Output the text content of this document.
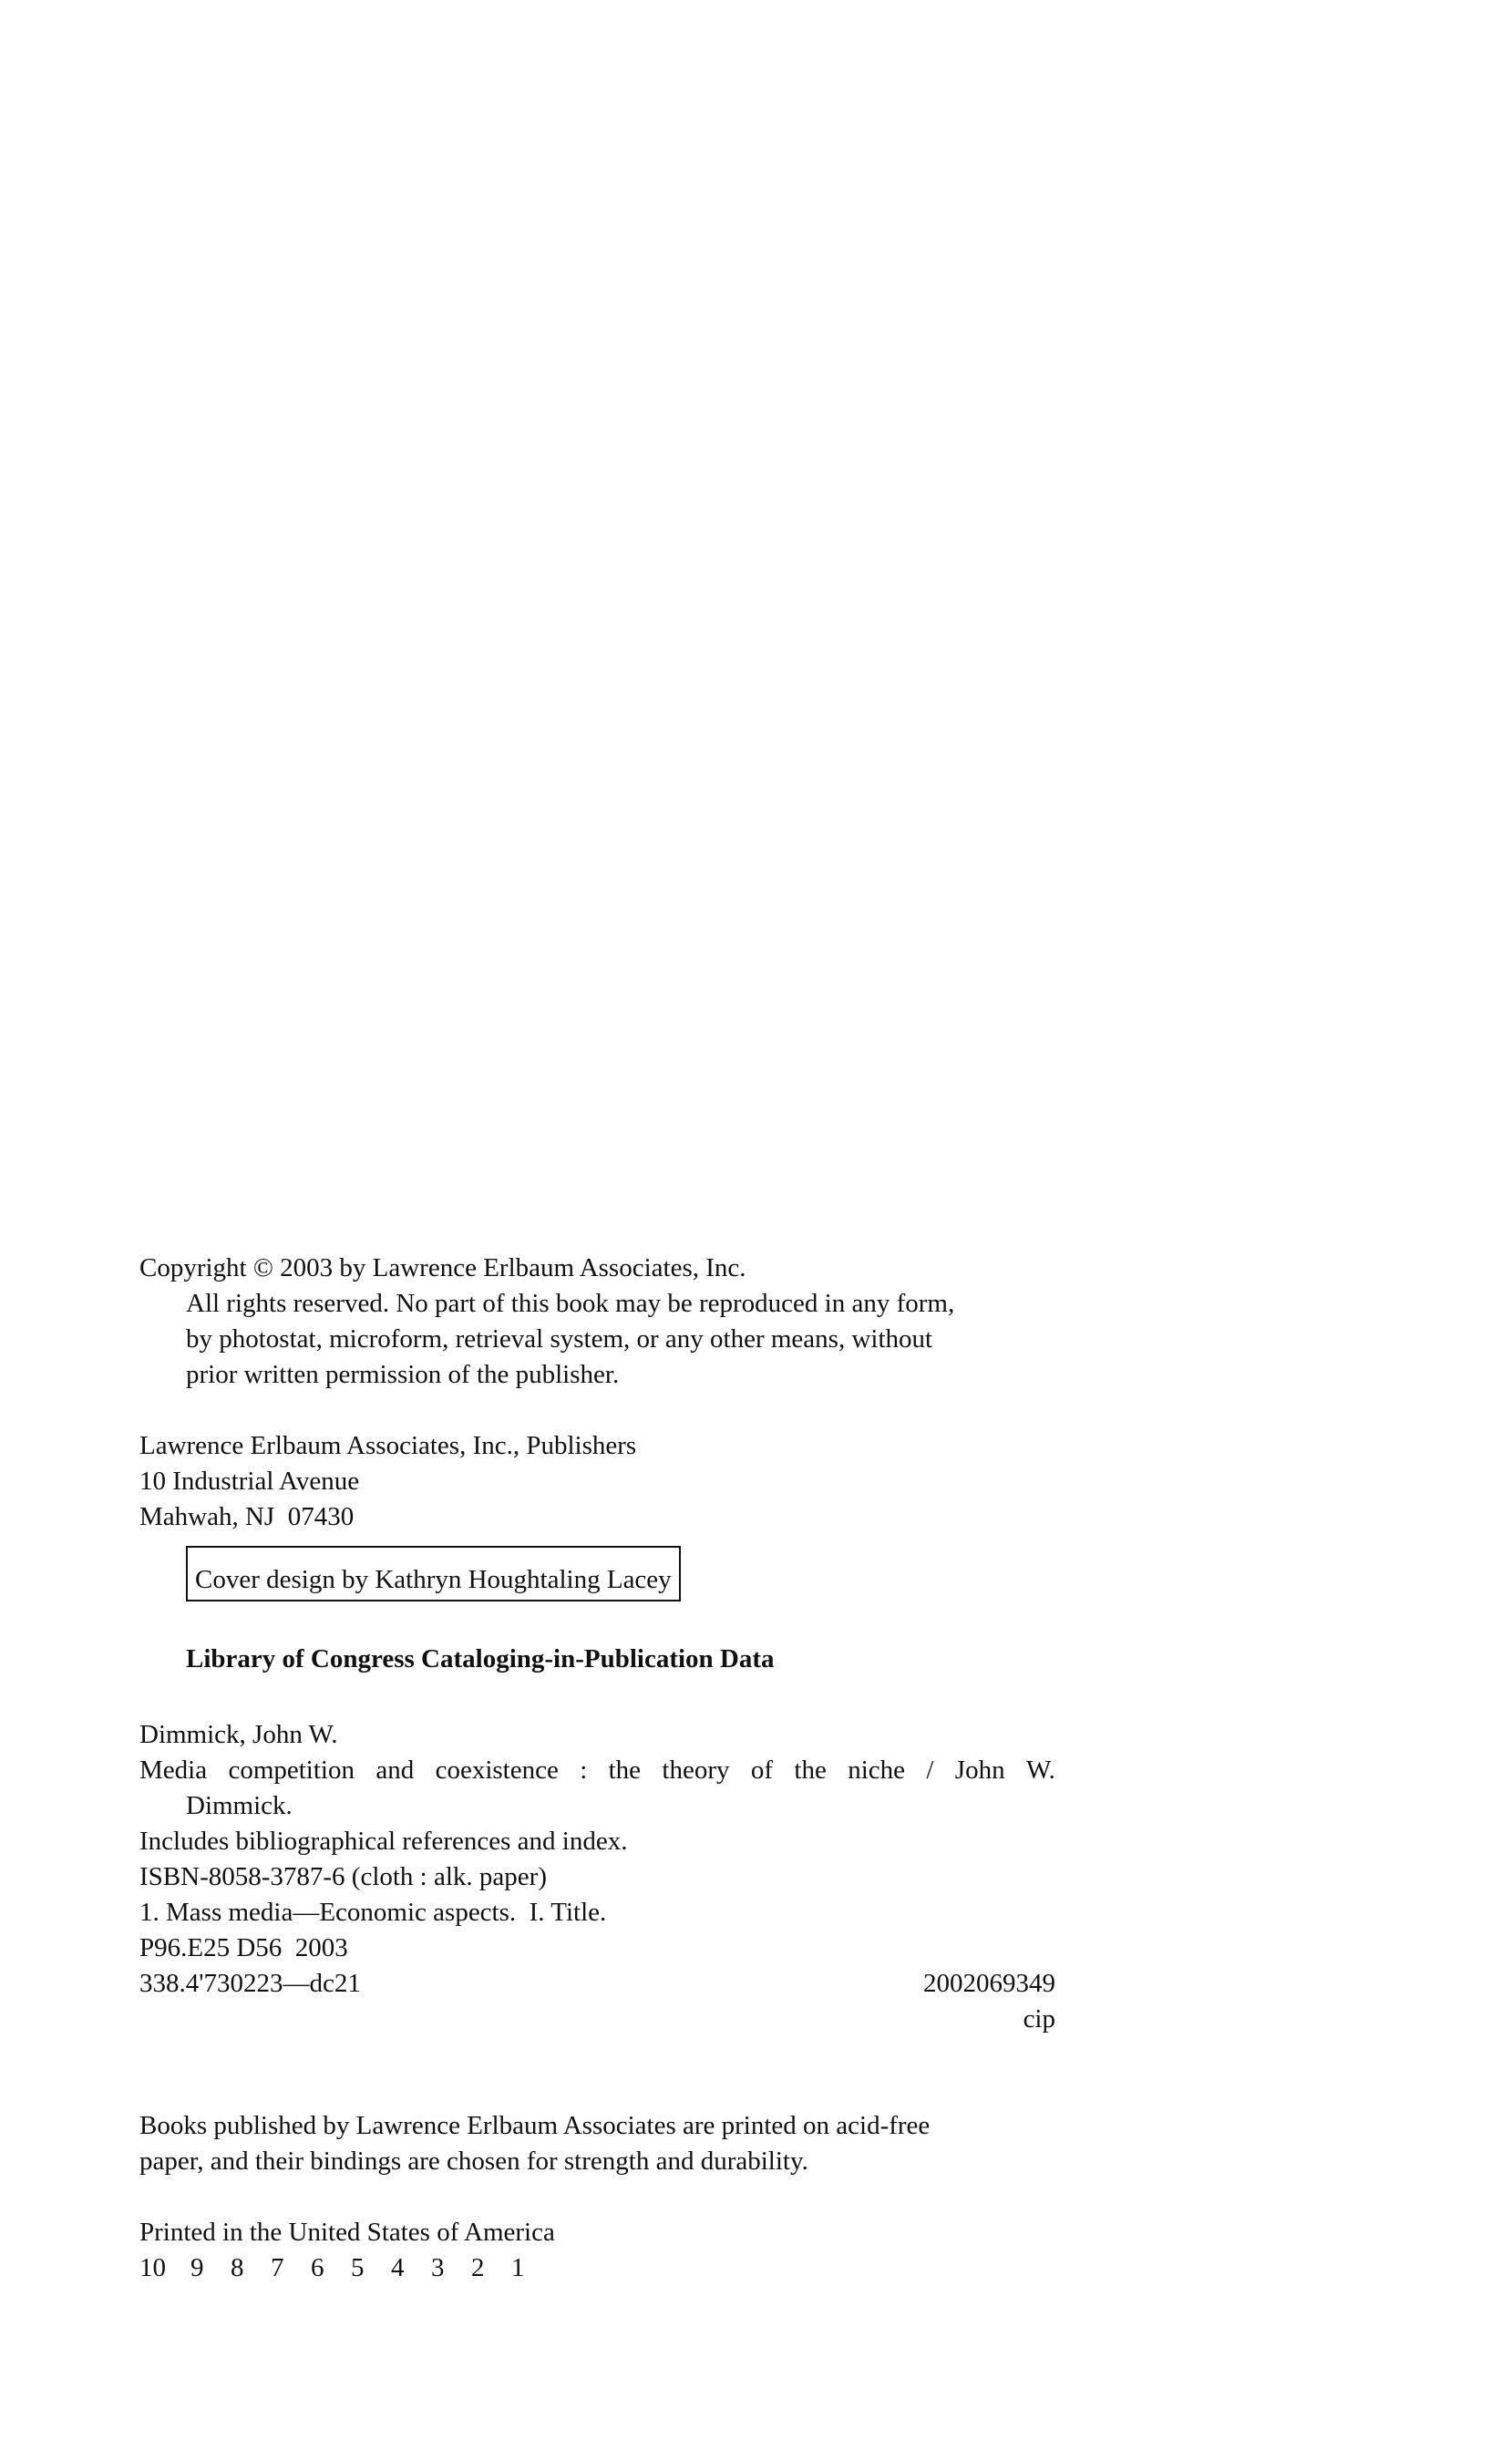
Copyright © 2003 by Lawrence Erlbaum Associates, Inc.
All rights reserved. No part of this book may be reproduced in any form,
by photostat, microform, retrieval system, or any other means, without
prior written permission of the publisher.
Lawrence Erlbaum Associates, Inc., Publishers
10 Industrial Avenue
Mahwah, NJ  07430
Cover design by Kathryn Houghtaling Lacey
Library of Congress Cataloging-in-Publication Data
Dimmick, John W.
Media competition and coexistence : the theory of the niche / John W.
Dimmick.
Includes bibliographical references and index.
ISBN-8058-3787-6 (cloth : alk. paper)
1. Mass media—Economic aspects.  I. Title.
P96.E25 D56  2003
338.4'730223—dc21	2002069349
cip
Books published by Lawrence Erlbaum Associates are printed on acid-free
paper, and their bindings are chosen for strength and durability.
Printed in the United States of America
10 9	8	7	6	5	4	3	2	1
